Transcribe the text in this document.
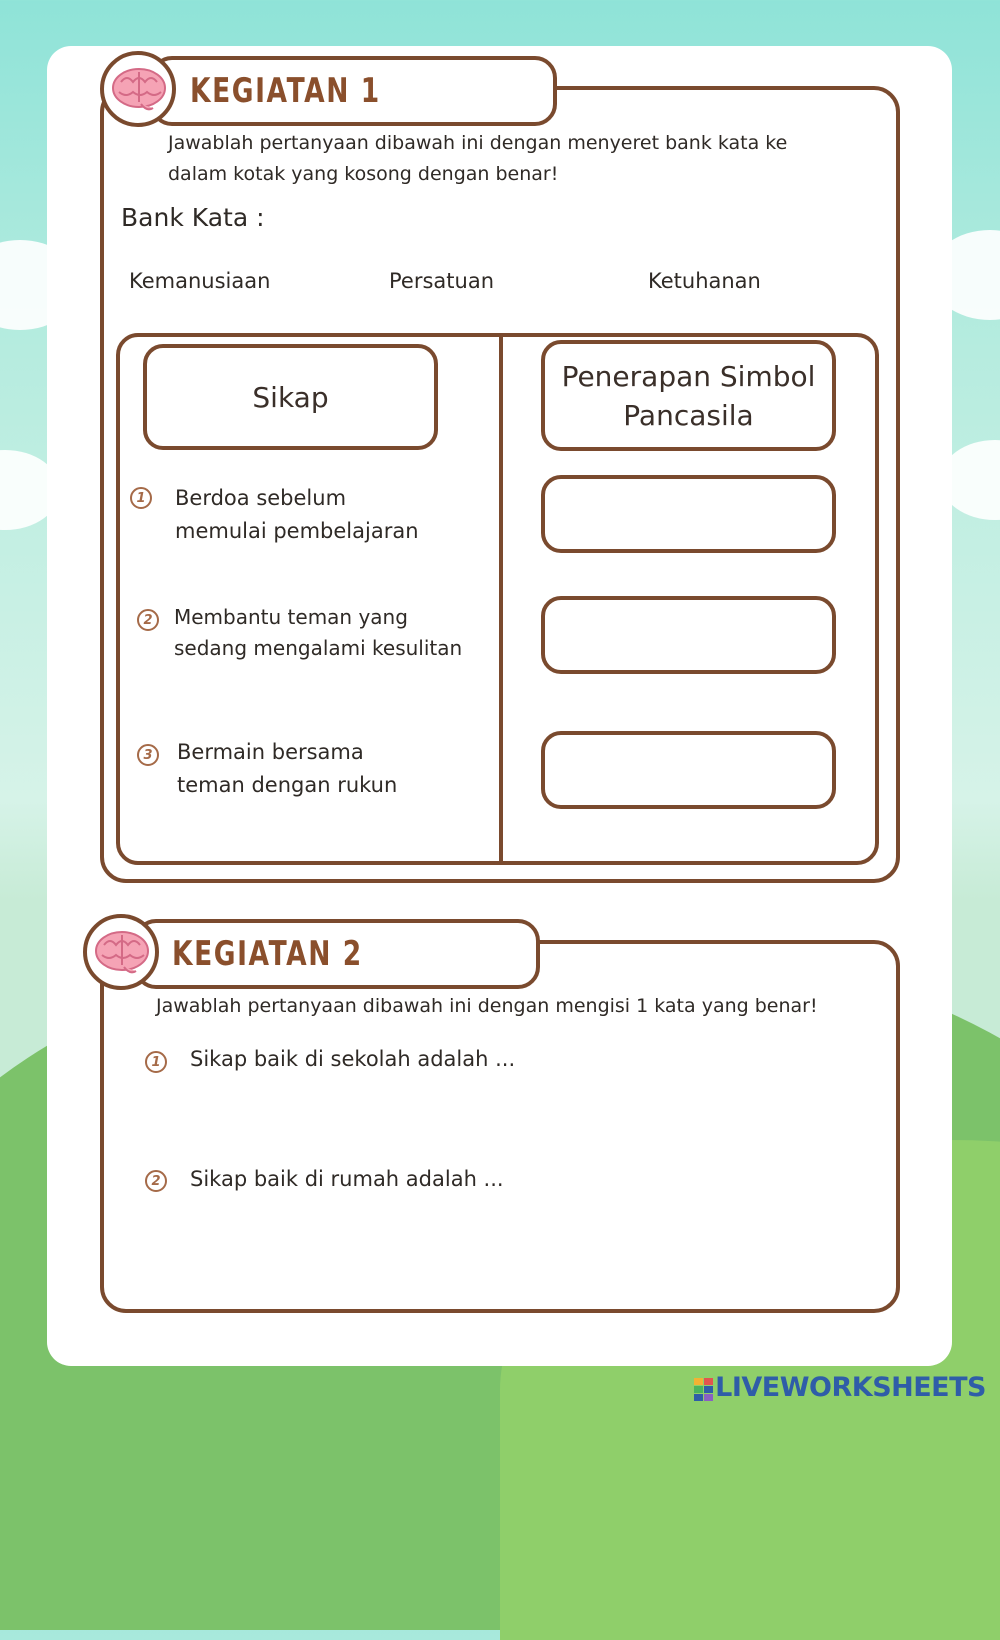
KEGIATAN 1
Jawablah pertanyaan dibawah ini dengan menyeret bank kata ke
dalam kotak yang kosong dengan benar!
Bank Kata :
Kemanusiaan	Persatuan	Ketuhanan
Sikap
Penerapan Simbol
Pancasila
1	Berdoa sebelum
memulai pembelajaran
2	Membantu teman yang
sedang mengalami kesulitan
3	Bermain bersama
teman dengan rukun
KEGIATAN 2
Jawablah pertanyaan dibawah ini dengan mengisi 1 kata yang benar!
1	Sikap baik di sekolah adalah ...
2	Sikap baik di rumah adalah ...
LIVEWORKSHEETS
